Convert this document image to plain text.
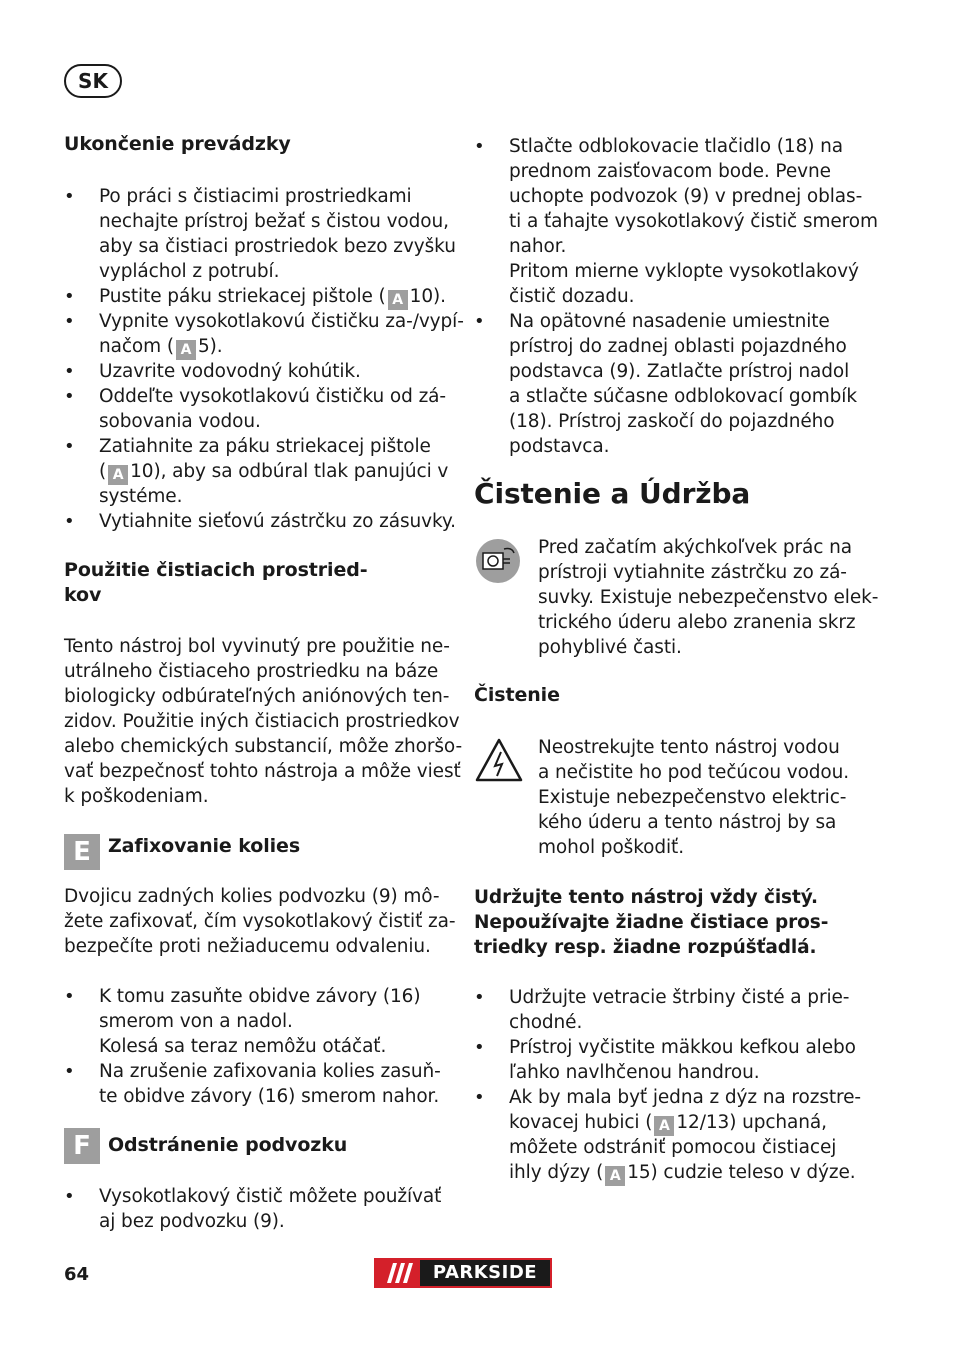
SK
Ukončenie prevádzky
• Po práci s čistiacimi prostriedkami
nechajte prístroj bežať s čistou vodou,
aby sa čistiaci prostriedok bezo zvyšku
vypláchol z potrubí.
• Pustite páku striekacej pištole ( A 10).
• Vypnite vysokotlakovú čističku za-/vypí-
načom ( A 5).
• Uzavrite vodovodný kohútik.
• Oddeľte vysokotlakovú čističku od zá-
sobovania vodou.
• Zatiahnite za páku striekacej pištole
( A 10), aby sa odbúral tlak panujúci v
systéme.
• Vytiahnite sieťovú zástrčku zo zásuvky.
Použitie čistiacich prostried-
kov
Tento nástroj bol vyvinutý pre použitie ne-
utrálneho čistiaceho prostriedku na báze
biologicky odbúrateľných aniónových ten-
zidov. Použitie iných čistiacich prostriedkov
alebo chemických substancií, môže zhoršo-
vať bezpečnosť tohto nástroja a môže viesť
k poškodeniam.
E Zafixovanie kolies
Dvojicu zadných kolies podvozku (9) mô-
žete zafixovať, čím vysokotlakový čistiť za-
bezpečíte proti nežiaducemu odvaleniu.
• K tomu zasuňte obidve závory (16)
smerom von a nadol.
Kolesá sa teraz nemôžu otáčať.
• Na zrušenie zafixovania kolies zasuň-
te obidve závory (16) smerom nahor.
F Odstránenie podvozku
• Vysokotlakový čistič môžete používať
aj bez podvozku (9).
• Stlačte odblokovacie tlačidlo (18) na
prednom zaisťovacom bode. Pevne
uchopte podvozok (9) v prednej oblas-
ti a ťahajte vysokotlakový čistič smerom
nahor.
Pritom mierne vyklopte vysokotlakový
čistič dozadu.
• Na opätovné nasadenie umiestnite
prístroj do zadnej oblasti pojazdného
podstavca (9). Zatlačte prístroj nadol
a stlačte súčasne odblokovací gombík
(18). Prístroj zaskočí do pojazdného
podstavca.
Čistenie a Údržba
Pred začatím akýchkoľvek prác na
prístroji vytiahnite zástrčku zo zá-
suvky. Existuje nebezpečenstvo elek-
trického úderu alebo zranenia skrz
pohyblivé časti.
Čistenie
Neostrekujte tento nástroj vodou
a nečistite ho pod tečúcou vodou.
Existuje nebezpečenstvo elektric-
kého úderu a tento nástroj by sa
mohol poškodiť.
Udržujte tento nástroj vždy čistý.
Nepoužívajte žiadne čistiace pros-
triedky resp. žiadne rozpúšťadlá.
• Udržujte vetracie štrbiny čisté a prie-
chodné.
• Prístroj vyčistite mäkkou kefkou alebo
ľahko navlhčenou handrou.
• Ak by mala byť jedna z dýz na rozstre-
kovacej hubici ( A 12/13) upchaná,
môžete odstrániť pomocou čistiacej
ihly dýzy ( A 15) cudzie teleso v dýze.
64	PARKSIDE
